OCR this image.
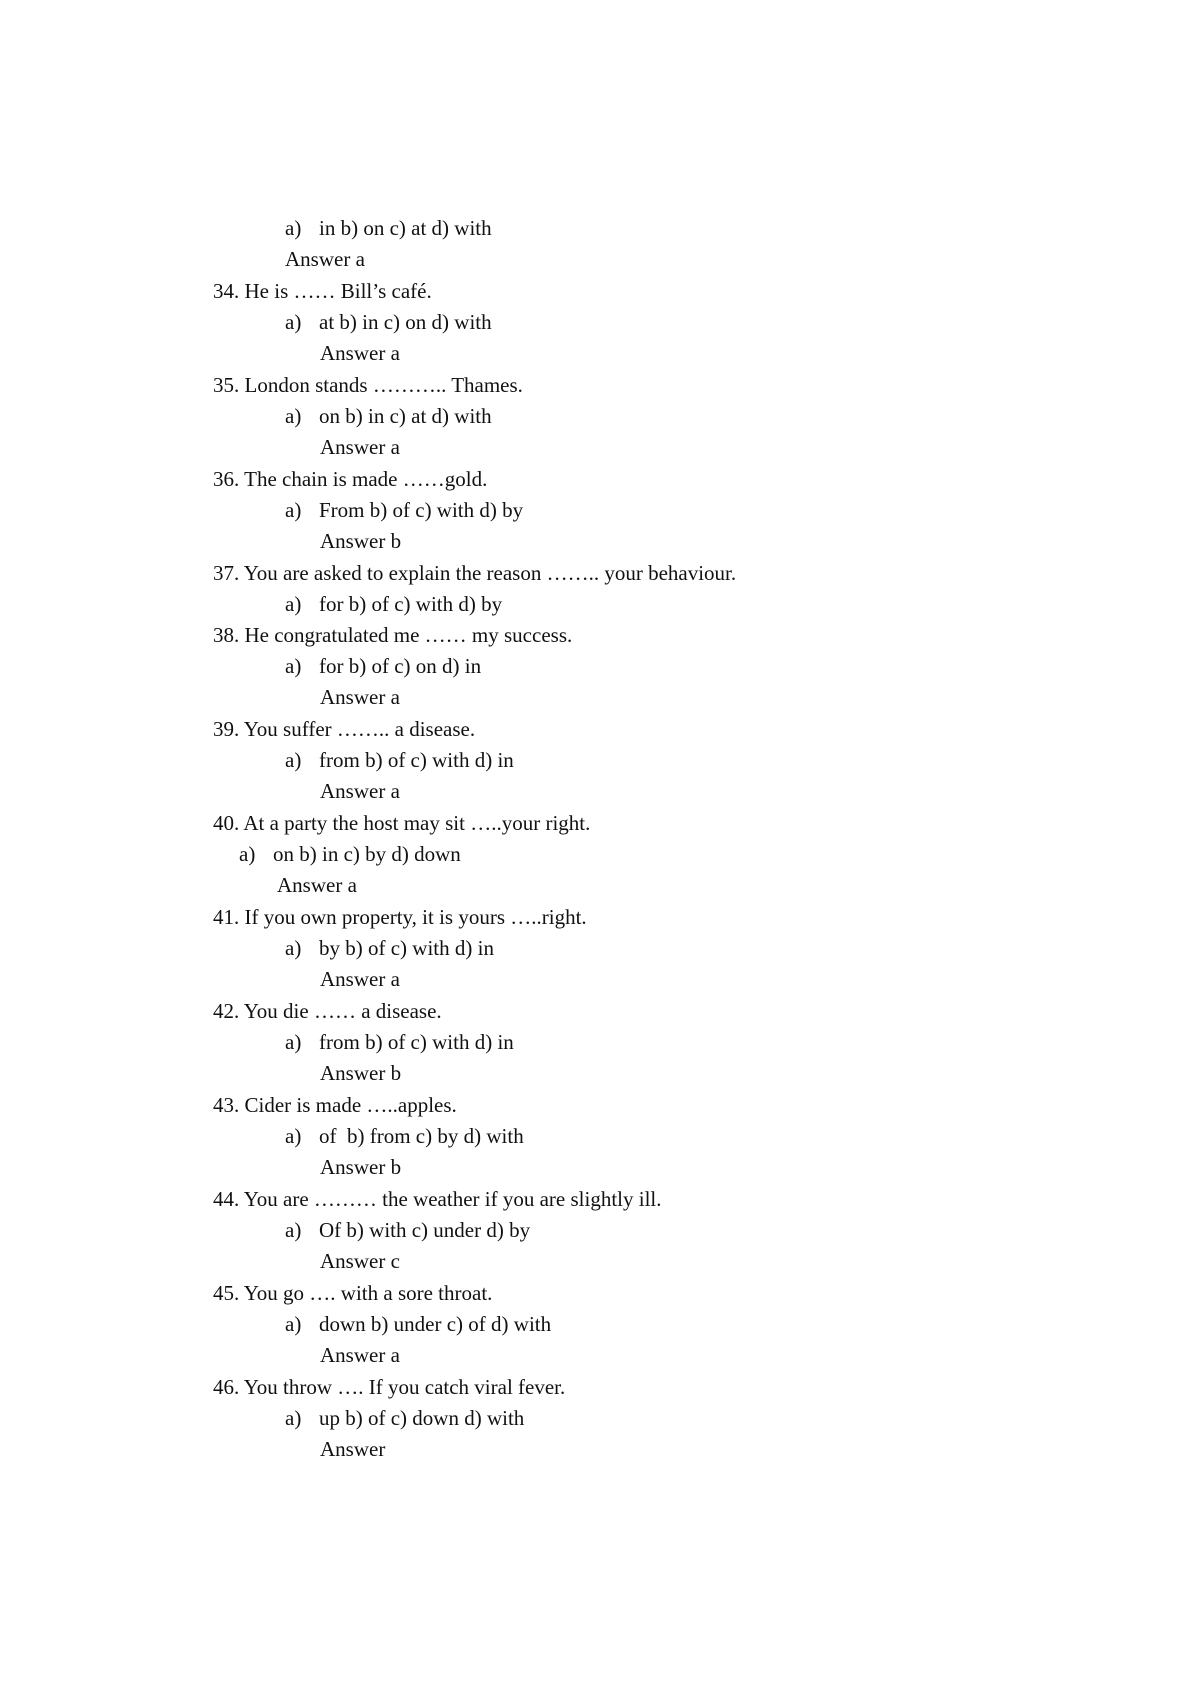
a) in b) on c) at d) with
Answer a
34. He is …… Bill’s café.
a) at b) in c) on d) with
Answer a
35. London stands ……….. Thames.
a) on b) in c) at d) with
Answer a
36. The chain is made ……gold.
a) From b) of c) with d) by
Answer b
37. You are asked to explain the reason …….. your behaviour.
a) for b) of c) with d) by
38. He congratulated me …… my success.
a) for b) of c) on d) in
Answer a
39. You suffer …….. a disease.
a) from b) of c) with d) in
Answer a
40. At a party the host may sit …..your right.
a) on b) in c) by d) down
Answer a
41. If you own property, it is yours …..right.
a) by b) of c) with d) in
Answer a
42. You die …… a disease.
a) from b) of c) with d) in
Answer b
43. Cider is made …..apples.
a) of  b) from c) by d) with
Answer b
44. You are ……… the weather if you are slightly ill.
a) Of b) with c) under d) by
Answer c
45. You go …. with a sore throat.
a) down b) under c) of d) with
Answer a
46. You throw …. If you catch viral fever.
a) up b) of c) down d) with
Answer
